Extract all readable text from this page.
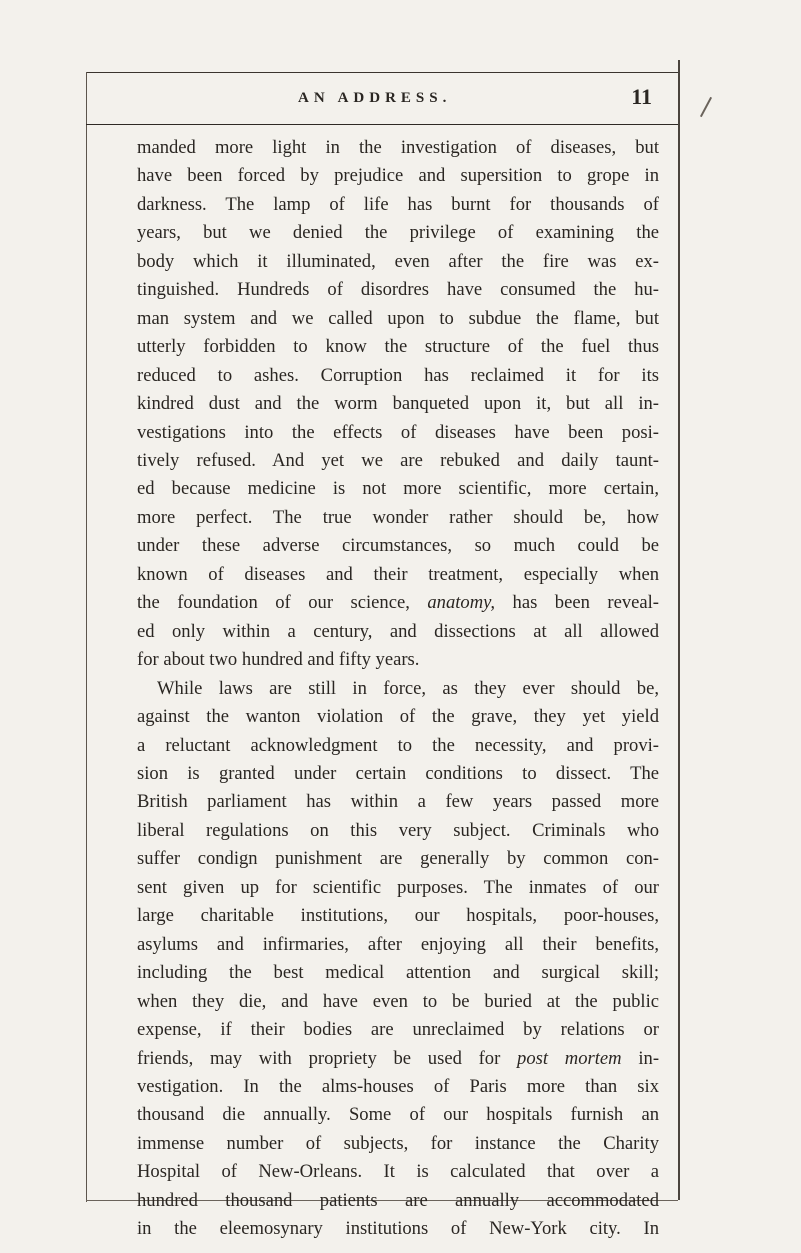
AN ADDRESS.	11
manded more light in the investigation of diseases, but
have been forced by prejudice and supersition to grope in
darkness. The lamp of life has burnt for thousands of
years, but we denied the privilege of examining the
body which it illuminated, even after the fire was ex-
tinguished. Hundreds of disordres have consumed the hu-
man system and we called upon to subdue the flame, but
utterly forbidden to know the structure of the fuel thus
reduced to ashes. Corruption has reclaimed it for its
kindred dust and the worm banqueted upon it, but all in-
vestigations into the effects of diseases have been posi-
tively refused. And yet we are rebuked and daily taunt-
ed because medicine is not more scientific, more certain,
more perfect. The true wonder rather should be, how
under these adverse circumstances, so much could be
known of diseases and their treatment, especially when
the foundation of our science, anatomy, has been reveal-
ed only within a century, and dissections at all allowed
for about two hundred and fifty years.
While laws are still in force, as they ever should be,
against the wanton violation of the grave, they yet yield
a reluctant acknowledgment to the necessity, and provi-
sion is granted under certain conditions to dissect. The
British parliament has within a few years passed more
liberal regulations on this very subject. Criminals who
suffer condign punishment are generally by common con-
sent given up for scientific purposes. The inmates of our
large charitable institutions, our hospitals, poor-houses,
asylums and infirmaries, after enjoying all their benefits,
including the best medical attention and surgical skill;
when they die, and have even to be buried at the public
expense, if their bodies are unreclaimed by relations or
friends, may with propriety be used for post mortem in-
vestigation. In the alms-houses of Paris more than six
thousand die annually. Some of our hospitals furnish an
immense number of subjects, for instance the Charity
Hospital of New-Orleans. It is calculated that over a
hundred thousand patients are annually accommodated
in the eleemosynary institutions of New-York city. In
